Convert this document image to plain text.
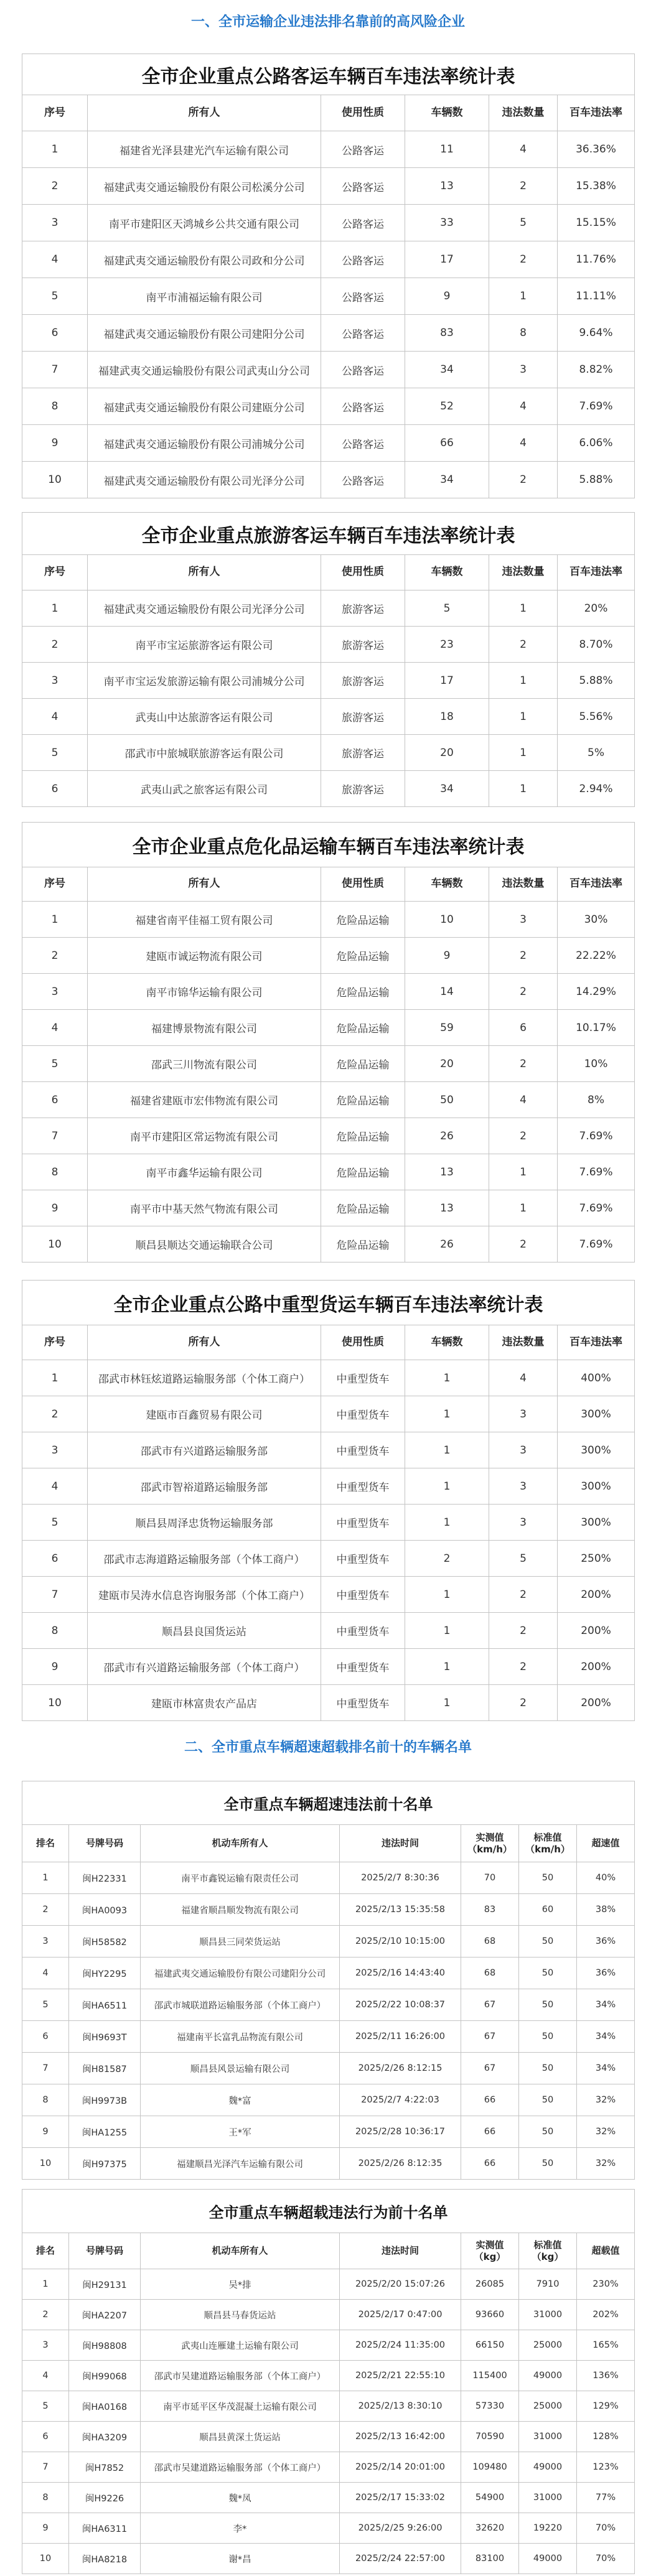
一、全市运输企业违法排名靠前的高风险企业
全市企业重点公路客运车辆百车违法率统计表					

序号	所有人	使用性质	车辆数	违法数量	百车违法率

1	福建省光泽县建光汽车运输有限公司	公路客运	11	4	36.36%
2	福建武夷交通运输股份有限公司松溪分公司	公路客运	13	2	15.38%
3	南平市建阳区天鸿城乡公共交通有限公司	公路客运	33	5	15.15%
4	福建武夷交通运输股份有限公司政和分公司	公路客运	17	2	11.76%
5	南平市浦福运输有限公司	公路客运	9	1	11.11%
6	福建武夷交通运输股份有限公司建阳分公司	公路客运	83	8	9.64%
7	福建武夷交通运输股份有限公司武夷山分公司	公路客运	34	3	8.82%
8	福建武夷交通运输股份有限公司建瓯分公司	公路客运	52	4	7.69%
9	福建武夷交通运输股份有限公司浦城分公司	公路客运	66	4	6.06%
10	福建武夷交通运输股份有限公司光泽分公司	公路客运	34	2	5.88%
全市企业重点旅游客运车辆百车违法率统计表					

序号	所有人	使用性质	车辆数	违法数量	百车违法率

1	福建武夷交通运输股份有限公司光泽分公司	旅游客运	5	1	20%
2	南平市宝运旅游客运有限公司	旅游客运	23	2	8.70%
3	南平市宝运发旅游运输有限公司浦城分公司	旅游客运	17	1	5.88%
4	武夷山中达旅游客运有限公司	旅游客运	18	1	5.56%
5	邵武市中旅城联旅游客运有限公司	旅游客运	20	1	5%
6	武夷山武之旅客运有限公司	旅游客运	34	1	2.94%
全市企业重点危化品运输车辆百车违法率统计表					

序号	所有人	使用性质	车辆数	违法数量	百车违法率

1	福建省南平佳福工贸有限公司	危险品运输	10	3	30%
2	建瓯市诚运物流有限公司	危险品运输	9	2	22.22%
3	南平市锦华运输有限公司	危险品运输	14	2	14.29%
4	福建博景物流有限公司	危险品运输	59	6	10.17%
5	邵武三川物流有限公司	危险品运输	20	2	10%
6	福建省建瓯市宏伟物流有限公司	危险品运输	50	4	8%
7	南平市建阳区常运物流有限公司	危险品运输	26	2	7.69%
8	南平市鑫华运输有限公司	危险品运输	13	1	7.69%
9	南平市中基天然气物流有限公司	危险品运输	13	1	7.69%
10	顺昌县顺达交通运输联合公司	危险品运输	26	2	7.69%
全市企业重点公路中重型货运车辆百车违法率统计表					

序号	所有人	使用性质	车辆数	违法数量	百车违法率

1	邵武市林钰炫道路运输服务部（个体工商户）	中重型货车	1	4	400%
2	建瓯市百鑫贸易有限公司	中重型货车	1	3	300%
3	邵武市有兴道路运输服务部	中重型货车	1	3	300%
4	邵武市智裕道路运输服务部	中重型货车	1	3	300%
5	顺昌县周泽忠货物运输服务部	中重型货车	1	3	300%
6	邵武市志海道路运输服务部（个体工商户）	中重型货车	2	5	250%
7	建瓯市吴涛水信息咨询服务部（个体工商户）	中重型货车	1	2	200%
8	顺昌县良国货运站	中重型货车	1	2	200%
9	邵武市有兴道路运输服务部（个体工商户）	中重型货车	1	2	200%
10	建瓯市林富贵农产品店	中重型货车	1	2	200%
二、全市重点车辆超速超载排名前十的车辆名单
全市重点车辆超速违法前十名单						

排名	号牌号码	机动车所有人	违法时间	实测值
（km/h）	标准值
（km/h）	超速值

1	闽H22331	南平市鑫锐运输有限责任公司	2025/2/7 8:30:36	70	50	40%
2	闽HA0093	福建省顺昌顺发物流有限公司	2025/2/13 15:35:58	83	60	38%
3	闽H58582	顺昌县三同荣货运站	2025/2/10 10:15:00	68	50	36%
4	闽HY2295	福建武夷交通运输股份有限公司建阳分公司	2025/2/16 14:43:40	68	50	36%
5	闽HA6511	邵武市城联道路运输服务部（个体工商户）	2025/2/22 10:08:37	67	50	34%
6	闽H9693T	福建南平长富乳品物流有限公司	2025/2/11 16:26:00	67	50	34%
7	闽H81587	顺昌县风景运输有限公司	2025/2/26 8:12:15	67	50	34%
8	闽H9973B	魏*富	2025/2/7 4:22:03	66	50	32%
9	闽HA1255	王*军	2025/2/28 10:36:17	66	50	32%
10	闽H97375	福建顺昌光泽汽车运输有限公司	2025/2/26 8:12:35	66	50	32%
全市重点车辆超载违法行为前十名单						

排名	号牌号码	机动车所有人	违法时间	实测值
（kg）	标准值
（kg）	超载值

1	闽H29131	吴*排	2025/2/20 15:07:26	26085	7910	230%
2	闽HA2207	顺昌县马春货运站	2025/2/17 0:47:00	93660	31000	202%
3	闽H98808	武夷山连雁建土运输有限公司	2025/2/24 11:35:00	66150	25000	165%
4	闽H99068	邵武市吴建道路运输服务部（个体工商户）	2025/2/21 22:55:10	115400	49000	136%
5	闽HA0168	南平市延平区华茂混凝土运输有限公司	2025/2/13 8:30:10	57330	25000	129%
6	闽HA3209	顺昌县黄深土货运站	2025/2/13 16:42:00	70590	31000	128%
7	闽H7852	邵武市吴建道路运输服务部（个体工商户）	2025/2/14 20:01:00	109480	49000	123%
8	闽H9226	魏*凤	2025/2/17 15:33:02	54900	31000	77%
9	闽HA6311	李*	2025/2/25 9:26:00	32620	19220	70%
10	闽HA8218	谢*昌	2025/2/24 22:57:00	83100	49000	70%
